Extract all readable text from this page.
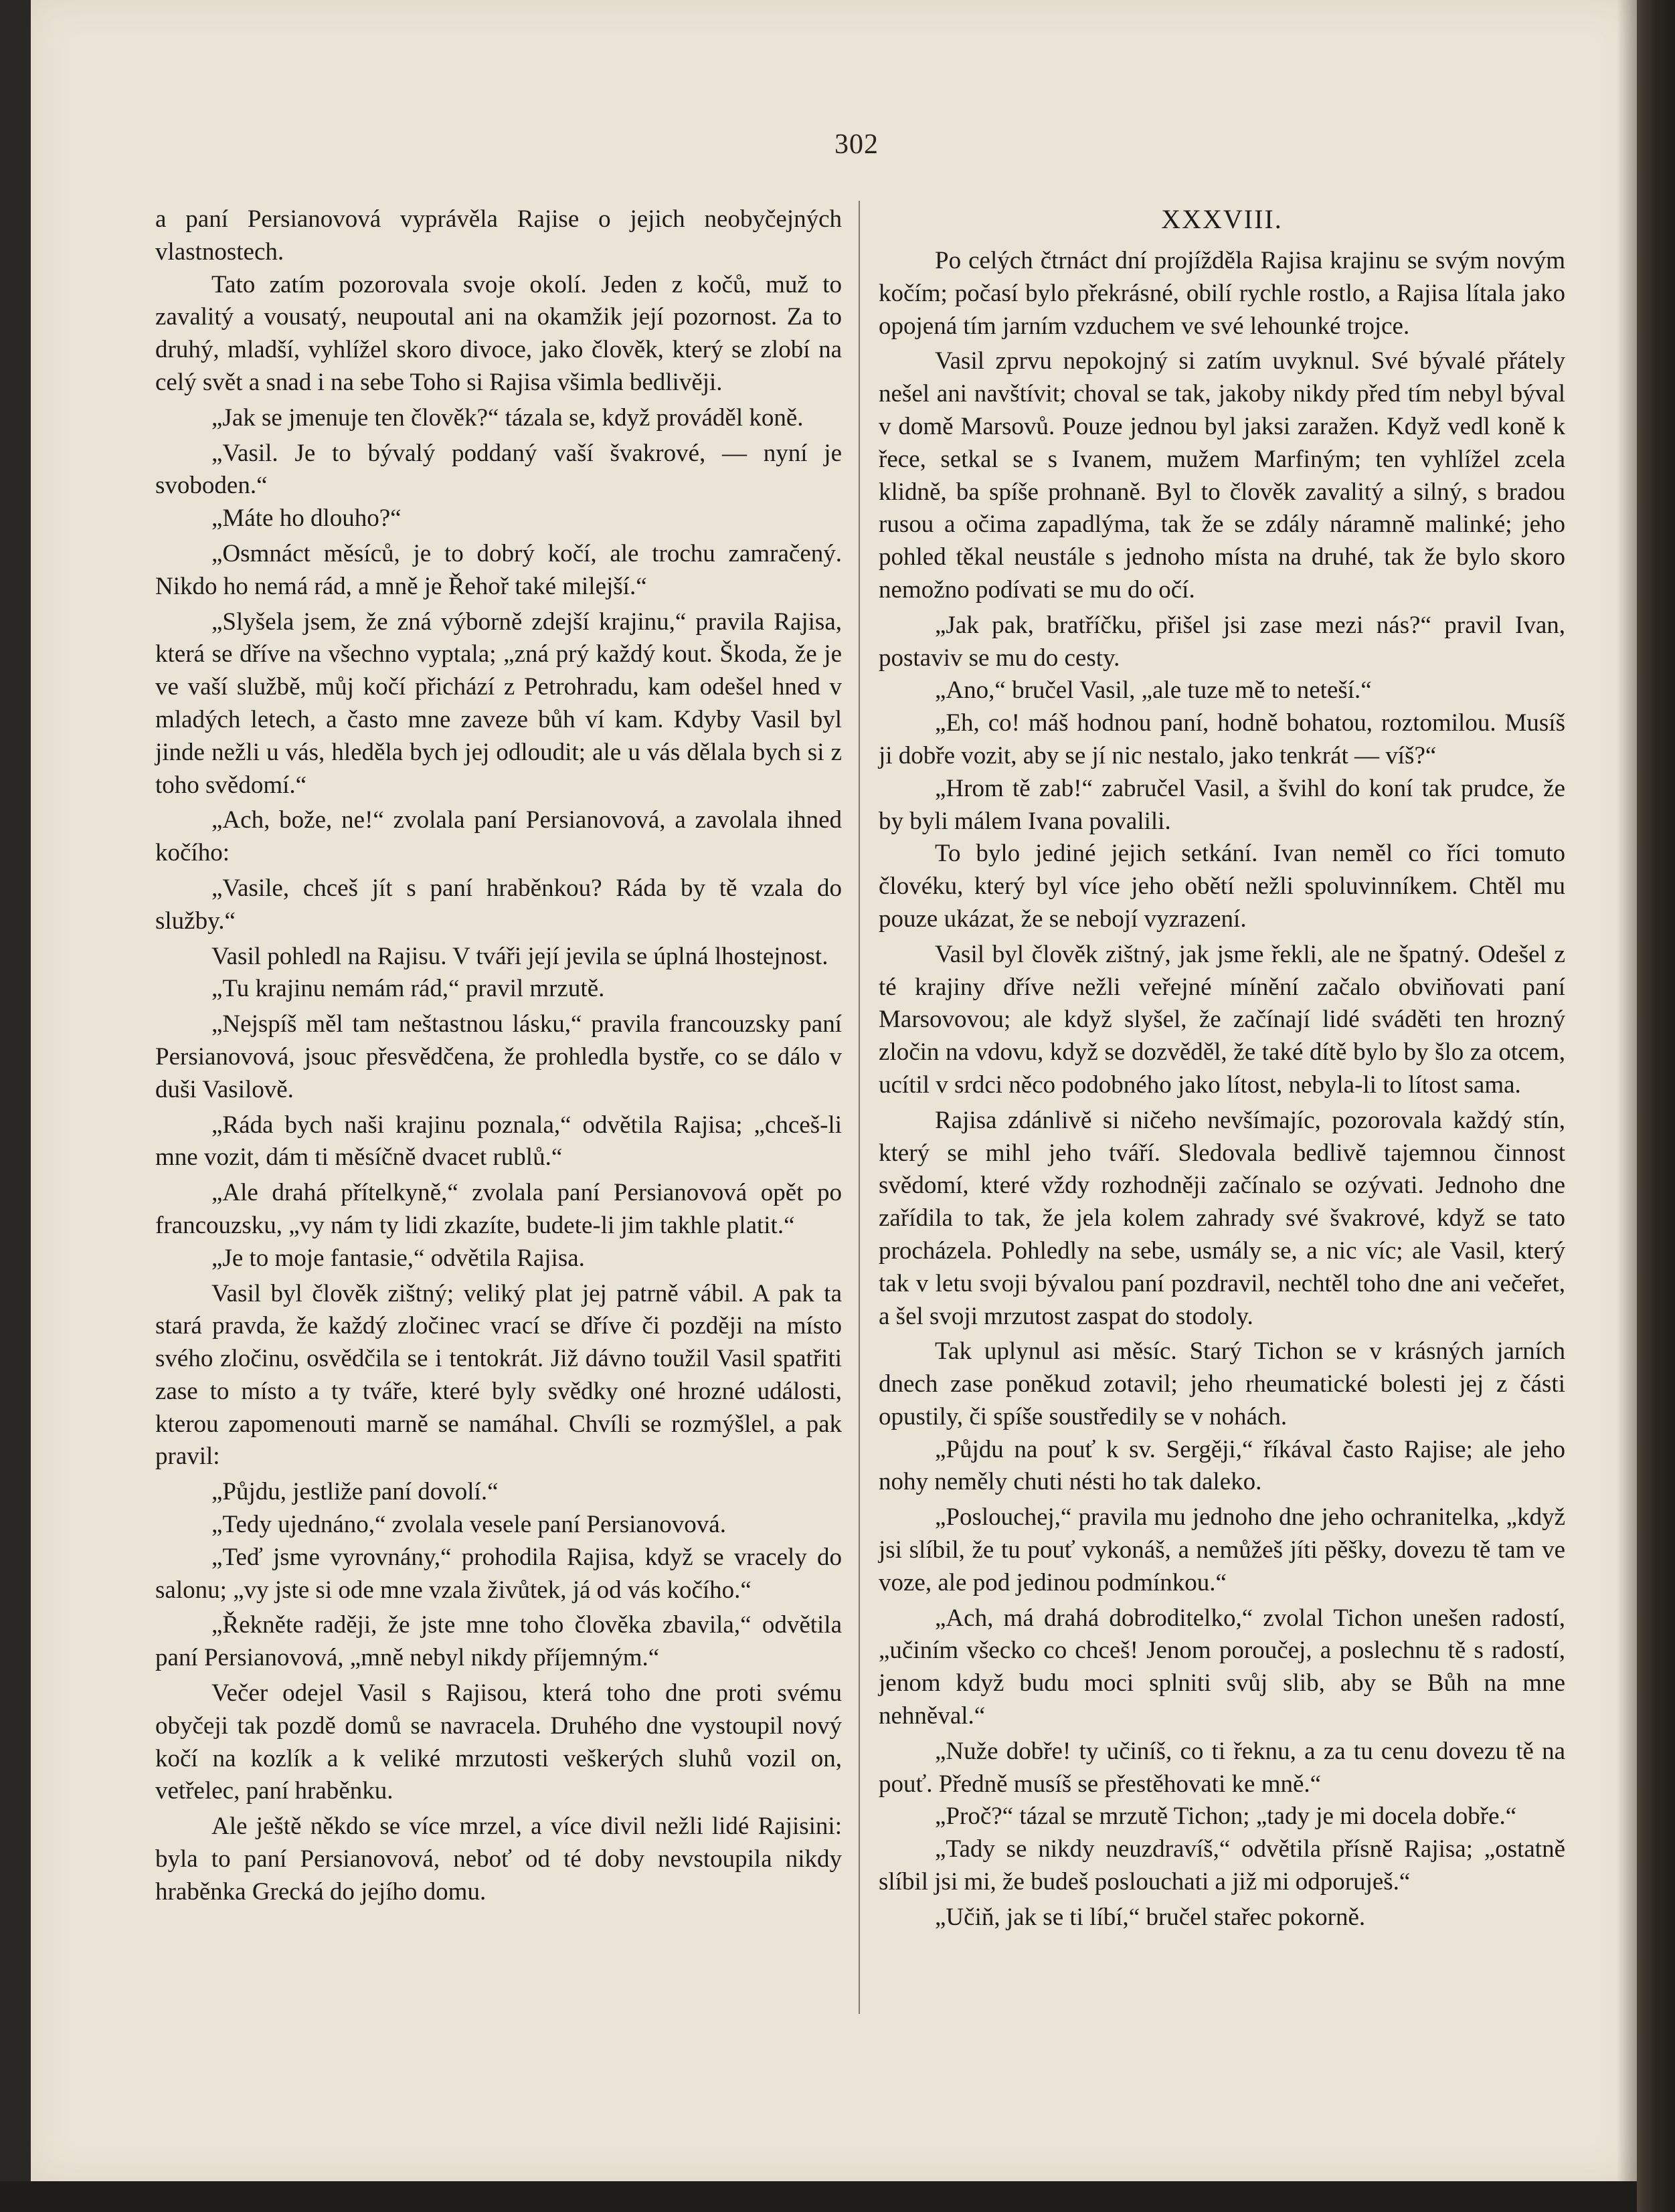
302

a paní Persianovová vyprávěla Rajise o jejich neobyčejných vlastnostech.

Tato zatím pozorovala svoje okolí. Jeden z kočů, muž to zavalitý a vousatý, neupoutal ani na okamžik její pozornost. Za to druhý, mladší, vyhlížel skoro divoce, jako člověk, který se zlobí na celý svět a snad i na sebe Toho si Rajisa všimla bedlivěji.

„Jak se jmenuje ten člověk?“ tázala se, když prováděl koně.

„Vasil. Je to bývalý poddaný vaší švakrové, — nyní je svoboden.“

„Máte ho dlouho?“

„Osmnáct měsíců, je to dobrý kočí, ale trochu zamračený. Nikdo ho nemá rád, a mně je Řehoř také milejší.“

„Slyšela jsem, že zná výborně zdejší krajinu,“ pravila Rajisa, která se dříve na všechno vyptala; „zná prý každý kout. Škoda, že je ve vaší službě, můj kočí přichází z Petrohradu, kam odešel hned v mladých letech, a často mne zaveze bůh ví kam. Kdyby Vasil byl jinde nežli u vás, hleděla bych jej odloudit; ale u vás dělala bych si z toho svědomí.“

„Ach, bože, ne!“ zvolala paní Persianovová, a zavolala ihned kočího:

„Vasile, chceš jít s paní hraběnkou? Ráda by tě vzala do služby.“

Vasil pohledl na Rajisu. V tváři její jevila se úplná lhostejnost.

„Tu krajinu nemám rád,“ pravil mrzutě.

„Nejspíš měl tam neštastnou lásku,“ pravila francouzsky paní Persianovová, jsouc přesvědčena, že prohledla bystře, co se dálo v duši Vasilově.

„Ráda bych naši krajinu poznala,“ odvětila Rajisa; „chceš-li mne vozit, dám ti měsíčně dvacet rublů.“

„Ale drahá přítelkyně,“ zvolala paní Persianovová opět po francouzsku, „vy nám ty lidi zkazíte, budete-li jim takhle platit.“

„Je to moje fantasie,“ odvětila Rajisa.

Vasil byl člověk zištný; veliký plat jej patrně vábil. A pak ta stará pravda, že každý zločinec vrací se dříve či později na místo svého zločinu, osvědčila se i tentokrát. Již dávno toužil Vasil spatřiti zase to místo a ty tváře, které byly svědky oné hrozné události, kterou zapomenouti marně se namáhal. Chvíli se rozmýšlel, a pak pravil:

„Půjdu, jestliže paní dovolí.“

„Tedy ujednáno,“ zvolala vesele paní Persianovová.

„Teď jsme vyrovnány,“ prohodila Rajisa, když se vracely do salonu; „vy jste si ode mne vzala živůtek, já od vás kočího.“

„Řekněte raději, že jste mne toho člověka zbavila,“ odvětila paní Persianovová, „mně nebyl nikdy příjemným.“

Večer odejel Vasil s Rajisou, která toho dne proti svému obyčeji tak pozdě domů se navracela. Druhého dne vystoupil nový kočí na kozlík a k veliké mrzutosti veškerých sluhů vozil on, vetřelec, paní hraběnku.

Ale ještě někdo se více mrzel, a více divil nežli lidé Rajisini: byla to paní Persianovová, neboť od té doby nevstoupila nikdy hraběnka Grecká do jejího domu.

XXXVIII.

Po celých čtrnáct dní projížděla Rajisa krajinu se svým novým kočím; počasí bylo překrásné, obilí rychle rostlo, a Rajisa lítala jako opojená tím jarním vzduchem ve své lehounké trojce.

Vasil zprvu nepokojný si zatím uvyknul. Své bývalé přátely nešel ani navštívit; choval se tak, jakoby nikdy před tím nebyl býval v domě Marsovů. Pouze jednou byl jaksi zaražen. Když vedl koně k řece, setkal se s Ivanem, mužem Marfiným; ten vyhlížel zcela klidně, ba spíše prohnaně. Byl to člověk zavalitý a silný, s bradou rusou a očima zapadlýma, tak že se zdály náramně malinké; jeho pohled těkal neustále s jednoho místa na druhé, tak že bylo skoro nemožno podívati se mu do očí.

„Jak pak, bratříčku, přišel jsi zase mezi nás?“ pravil Ivan, postaviv se mu do cesty.

„Ano,“ bručel Vasil, „ale tuze mě to neteší.“

„Eh, co! máš hodnou paní, hodně bohatou, roztomilou. Musíš ji dobře vozit, aby se jí nic nestalo, jako tenkrát — víš?“

„Hrom tě zab!“ zabručel Vasil, a švihl do koní tak prudce, že by byli málem Ivana povalili.

To bylo jediné jejich setkání. Ivan neměl co říci tomuto človéku, který byl více jeho obětí nežli spoluvinníkem. Chtěl mu pouze ukázat, že se nebojí vyzrazení.

Vasil byl člověk zištný, jak jsme řekli, ale ne špatný. Odešel z té krajiny dříve nežli veřejné mínění začalo obviňovati paní Marsovovou; ale když slyšel, že začínají lidé sváděti ten hrozný zločin na vdovu, když se dozvěděl, že také dítě bylo by šlo za otcem, ucítil v srdci něco podobného jako lítost, nebyla-li to lítost sama.

Rajisa zdánlivě si ničeho nevšímajíc, pozorovala každý stín, který se mihl jeho tváří. Sledovala bedlivě tajemnou činnost svědomí, které vždy rozhodněji začínalo se ozývati. Jednoho dne zařídila to tak, že jela kolem zahrady své švakrové, když se tato procházela. Pohledly na sebe, usmály se, a nic víc; ale Vasil, který tak v letu svoji bývalou paní pozdravil, nechtěl toho dne ani večeřet, a šel svoji mrzutost zaspat do stodoly.

Tak uplynul asi měsíc. Starý Tichon se v krásných jarních dnech zase poněkud zotavil; jeho rheumatické bolesti jej z části opustily, či spíše soustředily se v nohách.

„Půjdu na pouť k sv. Sergěji,“ říkával často Rajise; ale jeho nohy neměly chuti nésti ho tak daleko.

„Poslouchej,“ pravila mu jednoho dne jeho ochranitelka, „když jsi slíbil, že tu pouť vykonáš, a nemůžeš jíti pěšky, dovezu tě tam ve voze, ale pod jedinou podmínkou.“

„Ach, má drahá dobroditelko,“ zvolal Tichon unešen radostí, „učiním všecko co chceš! Jenom poroučej, a poslechnu tě s radostí, jenom když budu moci splniti svůj slib, aby se Bůh na mne nehněval.“

„Nuže dobře! ty učiníš, co ti řeknu, a za tu cenu dovezu tě na pouť. Předně musíš se přestěhovati ke mně.“

„Proč?“ tázal se mrzutě Tichon; „tady je mi docela dobře.“

„Tady se nikdy neuzdravíš,“ odvětila přísně Rajisa; „ostatně slíbil jsi mi, že budeš poslouchati a již mi odporuješ.“

„Učiň, jak se ti líbí,“ bručel stařec pokorně.
